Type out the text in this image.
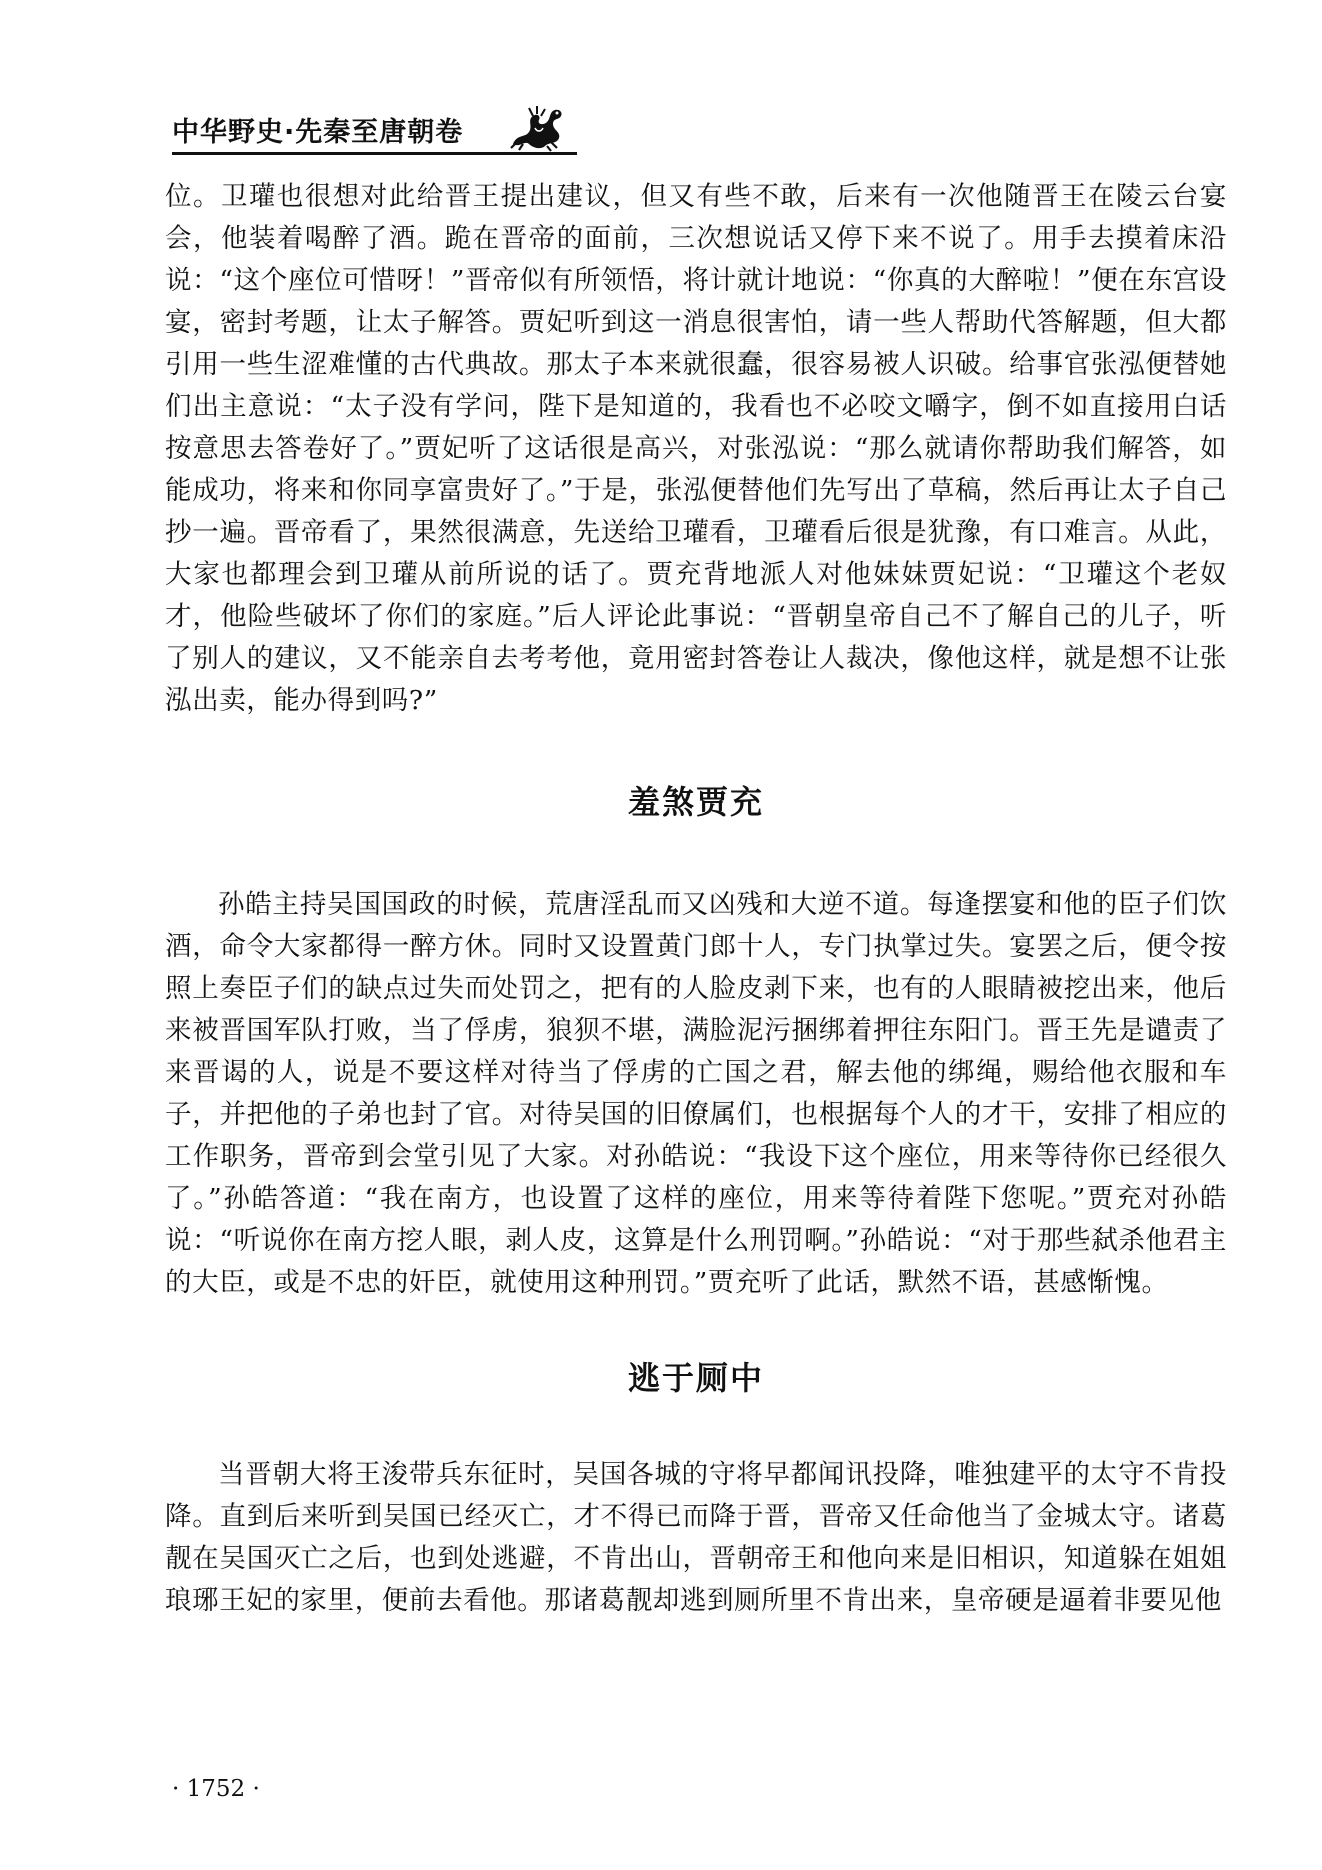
中华野史·先秦至唐朝卷

位。卫瓘也很想对此给晋王提出建议，但又有些不敢，后来有一次他随晋王在陵云台宴会，他装着喝醉了酒。跪在晋帝的面前，三次想说话又停下来不说了。用手去摸着床沿说：“这个座位可惜呀！”晋帝似有所领悟，将计就计地说：“你真的大醉啦！”便在东宫设宴，密封考题，让太子解答。贾妃听到这一消息很害怕，请一些人帮助代答解题，但大都引用一些生涩难懂的古代典故。那太子本来就很蠢，很容易被人识破。给事官张泓便替她们出主意说：“太子没有学问，陛下是知道的，我看也不必咬文嚼字，倒不如直接用白话按意思去答卷好了。”贾妃听了这话很是高兴，对张泓说：“那么就请你帮助我们解答，如能成功，将来和你同享富贵好了。”于是，张泓便替他们先写出了草稿，然后再让太子自己抄一遍。晋帝看了，果然很满意，先送给卫瓘看，卫瓘看后很是犹豫，有口难言。从此，大家也都理会到卫瓘从前所说的话了。贾充背地派人对他妹妹贾妃说：“卫瓘这个老奴才，他险些破坏了你们的家庭。”后人评论此事说：“晋朝皇帝自己不了解自己的儿子，听了别人的建议，又不能亲自去考考他，竟用密封答卷让人裁决，像他这样，就是想不让张泓出卖，能办得到吗?”

羞煞贾充

孙皓主持吴国国政的时候，荒唐淫乱而又凶残和大逆不道。每逢摆宴和他的臣子们饮酒，命令大家都得一醉方休。同时又设置黄门郎十人，专门执掌过失。宴罢之后，便令按照上奏臣子们的缺点过失而处罚之，把有的人脸皮剥下来，也有的人眼睛被挖出来，他后来被晋国军队打败，当了俘虏，狼狈不堪，满脸泥污捆绑着押往东阳门。晋王先是谴责了来晋谒的人，说是不要这样对待当了俘虏的亡国之君，解去他的绑绳，赐给他衣服和车子，并把他的子弟也封了官。对待吴国的旧僚属们，也根据每个人的才干，安排了相应的工作职务，晋帝到会堂引见了大家。对孙皓说：“我设下这个座位，用来等待你已经很久了。”孙皓答道：“我在南方，也设置了这样的座位，用来等待着陛下您呢。”贾充对孙皓说：“听说你在南方挖人眼，剥人皮，这算是什么刑罚啊。”孙皓说：“对于那些弑杀他君主的大臣，或是不忠的奸臣，就使用这种刑罚。”贾充听了此话，默然不语，甚感惭愧。

逃于厕中

当晋朝大将王浚带兵东征时，吴国各城的守将早都闻讯投降，唯独建平的太守不肯投降。直到后来听到吴国已经灭亡，才不得已而降于晋，晋帝又任命他当了金城太守。诸葛靓在吴国灭亡之后，也到处逃避，不肯出山，晋朝帝王和他向来是旧相识，知道躲在姐姐琅琊王妃的家里，便前去看他。那诸葛靓却逃到厕所里不肯出来，皇帝硬是逼着非要见他

· 1752 ·
